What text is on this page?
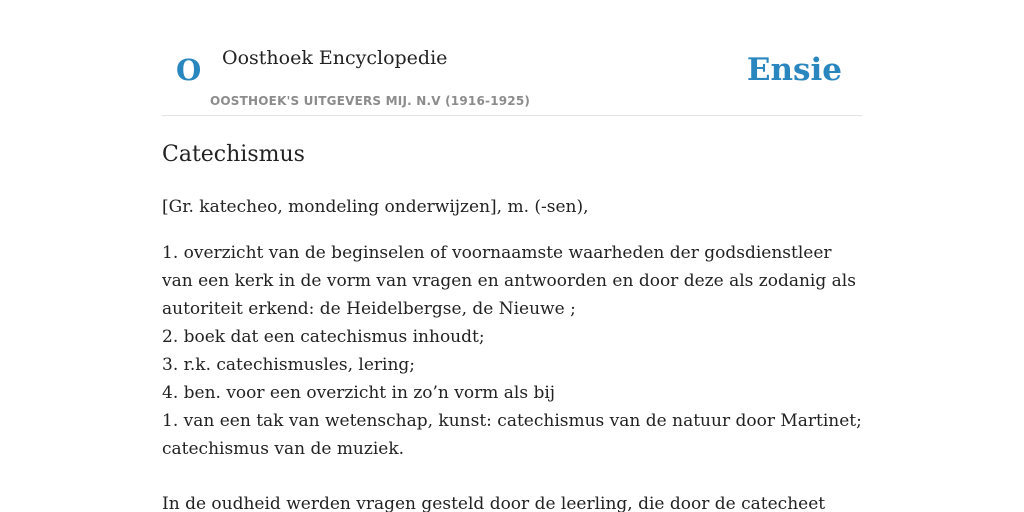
O Oosthoek Encyclopedie
OOSTHOEK'S UITGEVERS MIJ. N.V (1916-1925)
Ensie
Catechismus
[Gr. katecheo, mondeling onderwijzen], m. (-sen),
1. overzicht van de beginselen of voornaamste waarheden der godsdienstleer van een kerk in de vorm van vragen en antwoorden en door deze als zodanig als autoriteit erkend: de Heidelbergse, de Nieuwe ;
2. boek dat een catechismus inhoudt;
3. r.k. catechismusles, lering;
4. ben. voor een overzicht in zo’n vorm als bij
1. van een tak van wetenschap, kunst: catechismus van de natuur door Martinet; catechismus van de muziek.
In de oudheid werden vragen gesteld door de leerling, die door de catecheet
